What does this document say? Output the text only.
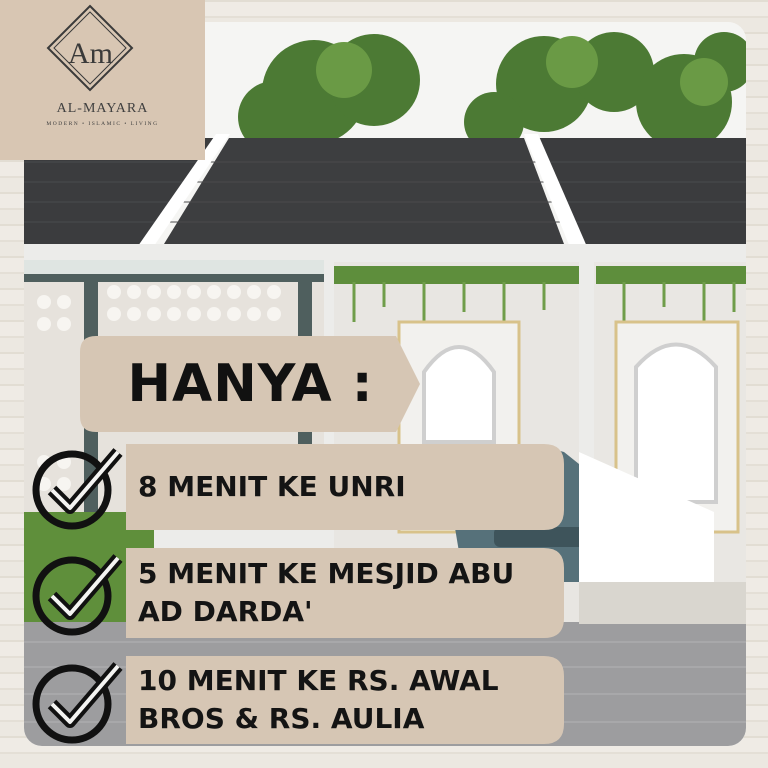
Am
AL-MAYARA
MODERN • ISLAMIC • LIVING
HANYA :
8 MENIT KE UNRI
5 MENIT KE MESJID ABU AD DARDA'
10 MENIT KE RS. AWAL BROS & RS. AULIA
